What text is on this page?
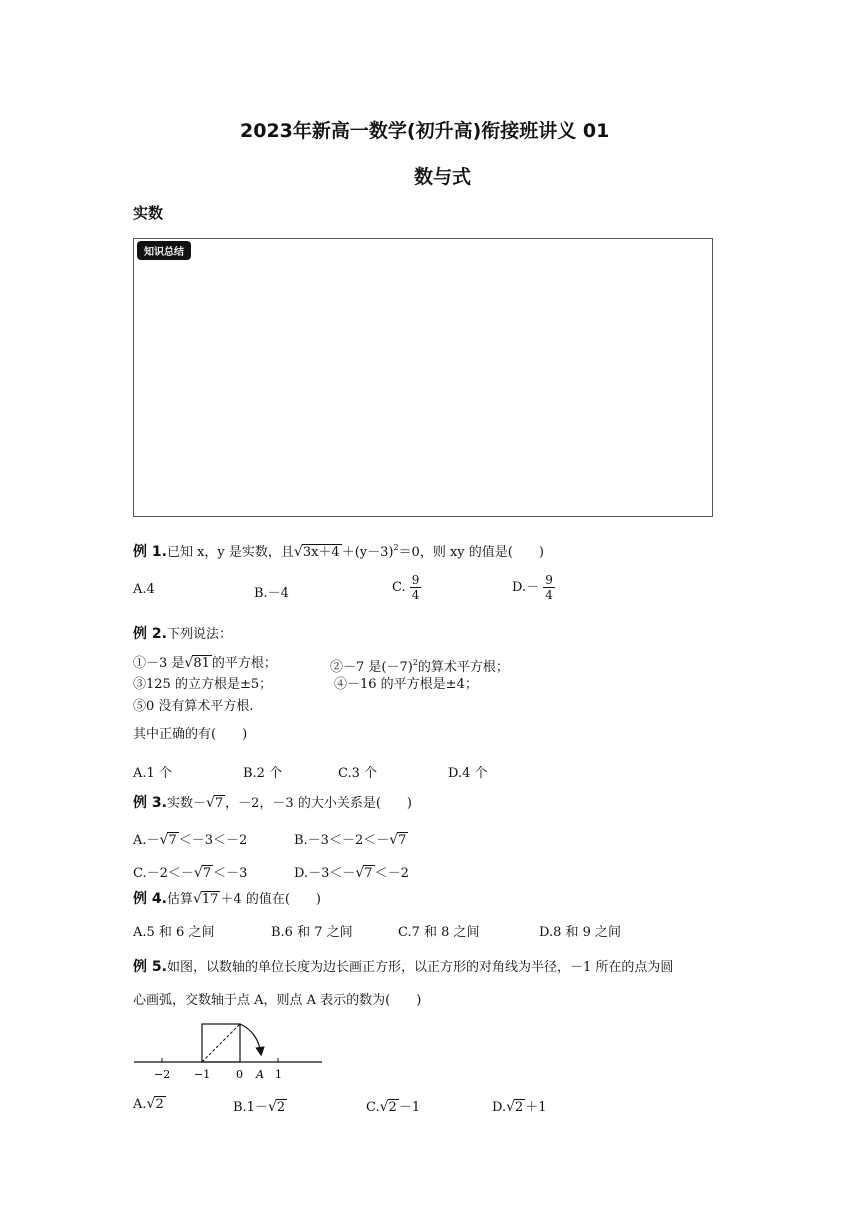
2023年新高一数学(初升高)衔接班讲义 01
数与式
实数
知识总结
例 1.已知 x，y 是实数，且$√3x+4 +(y-3)^2=0$，则 xy 的值是(　　)
A.4	B.－4	C. $\frac{9}{4}$	$D.- \frac{9}{4}$
例 2.下列说法：
①－3 是√81 的平方根；	②－7 是$(-7)^2$的算术平方根；
③125 的立方根是±5；	④－16 的平方根是±4；
⑤0 没有算术平方根.
其中正确的有(　　)
A.1 个	B.2 个	C.3 个	D.4 个
例 3.实数－√7 ，－2，－3 的大小关系是(　　)
A.－√7 ＜－3＜－2	B.－3＜－2＜－√7
C.－2＜－√7 ＜－3	D.－3＜－√7 ＜－2
例 4.估算√17 ＋4 的值在(　　)
A.5 和 6 之间	B.6 和 7 之间	C.7 和 8 之间	D.8 和 9 之间
例 5.如图，以数轴的单位长度为边长画正方形，以正方形的对角线为半径，－1 所在的点为圆
心画弧，交数轴于点 A，则点 A 表示的数为(　　)
−2 −1 0 A 1
A.√2	B.1－√2	C.√2 －1	D.√2 ＋1
